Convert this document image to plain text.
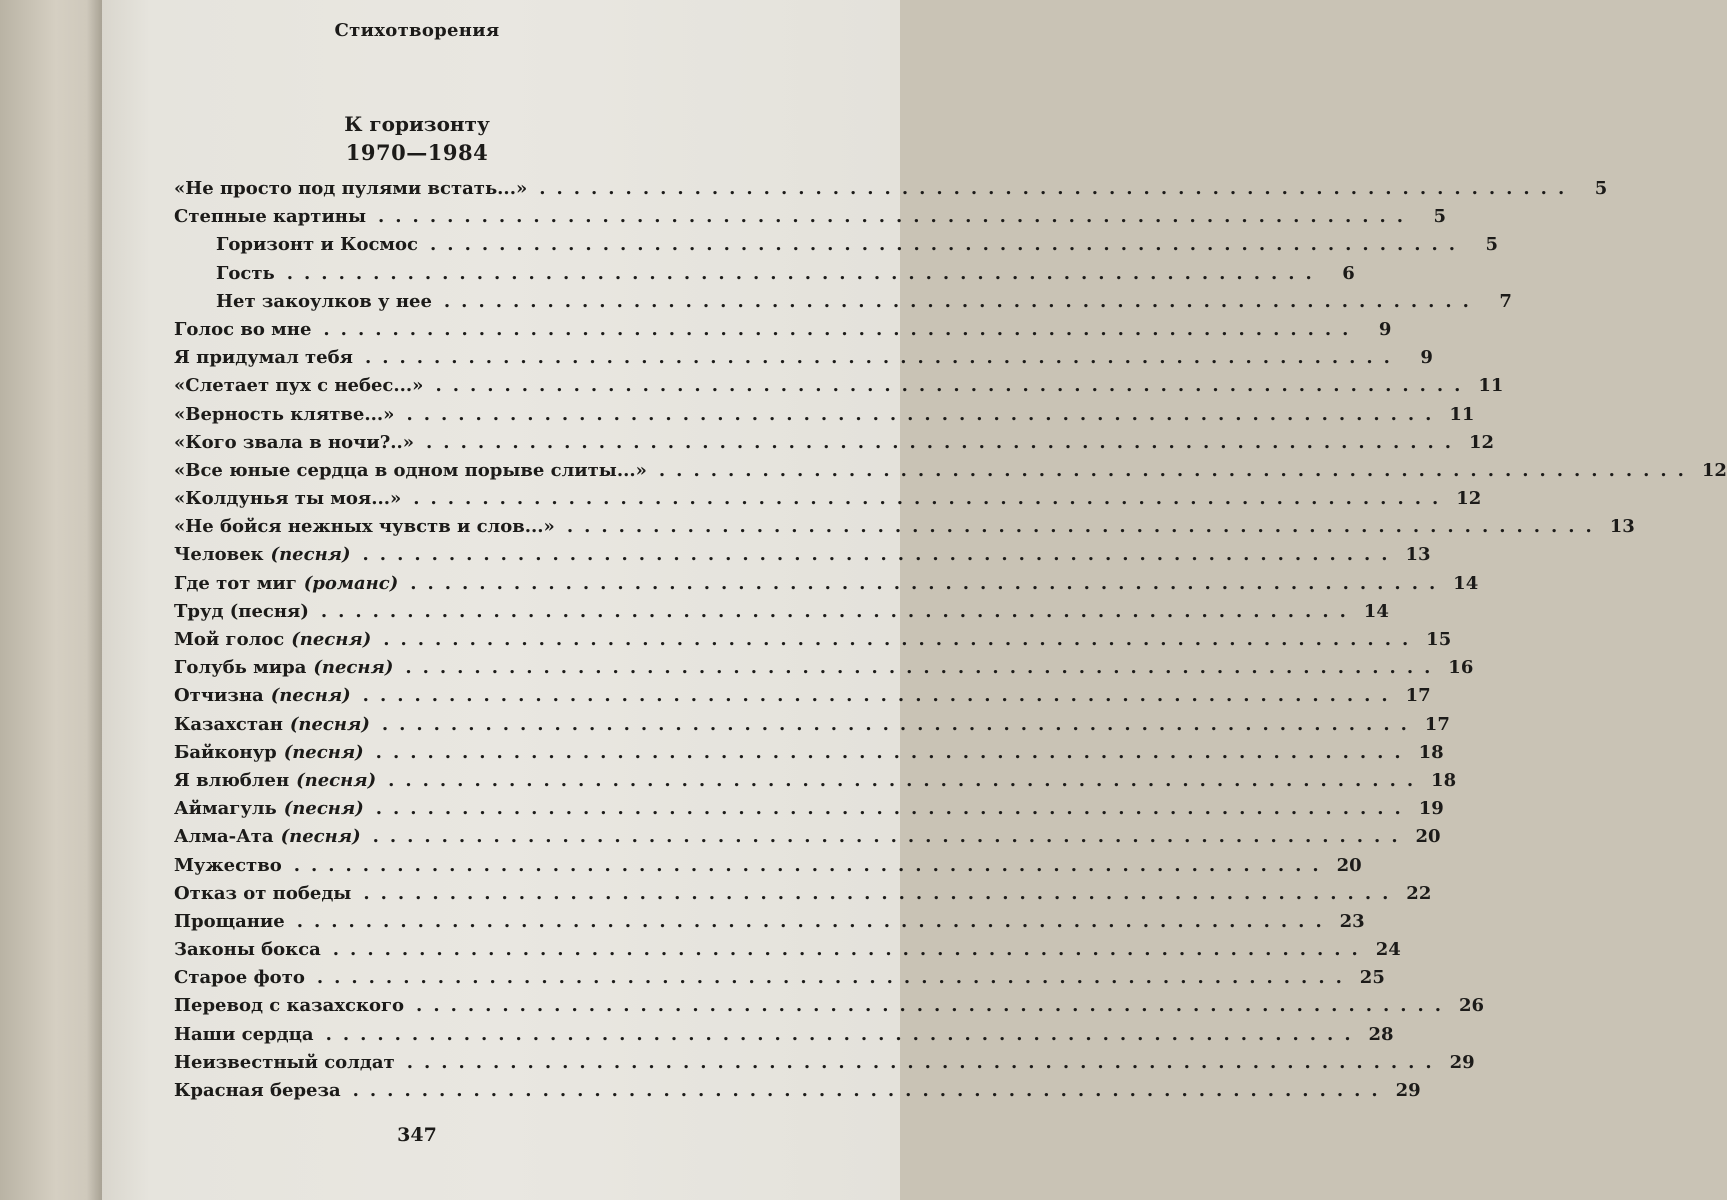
Стихотворения
К горизонту
1970—1984
«Не просто под пулями встать...» ............................................................	5
Степные картины ............................................................	5
Горизонт и Космос ............................................................	5
Гость ............................................................	6
Нет закоулков у нее ............................................................	7
Голос во мне ............................................................	9
Я придумал тебя ............................................................	9
«Слетает пух с небес...» ............................................................ 11
«Верность клятве...» ............................................................ 11
«Кого звала в ночи?..» ............................................................ 12
«Все юные сердца в одном порыве слиты...» ............................................................ 12
«Колдунья ты моя...» ............................................................ 12
«Не бойся нежных чувств и слов...» ............................................................ 13
Человек (песня) ............................................................ 13
Где тот миг (романс) ............................................................ 14
Труд (песня) ............................................................ 14
Мой голос (песня) ............................................................ 15
Голубь мира (песня) ............................................................ 16
Отчизна (песня) ............................................................ 17
Казахстан (песня) ............................................................ 17
Байконур (песня) ............................................................ 18
Я влюблен (песня) ............................................................ 18
Аймагуль (песня) ............................................................ 19
Алма-Ата (песня) ............................................................ 20
Мужество ............................................................ 20
Отказ от победы ............................................................ 22
Прощание ............................................................ 23
Законы бокса ............................................................ 24
Старое фото ............................................................ 25
Перевод с казахского ............................................................ 26
Наши сердца ............................................................ 28
Неизвестный солдат ............................................................ 29
Красная береза ............................................................ 29
347
